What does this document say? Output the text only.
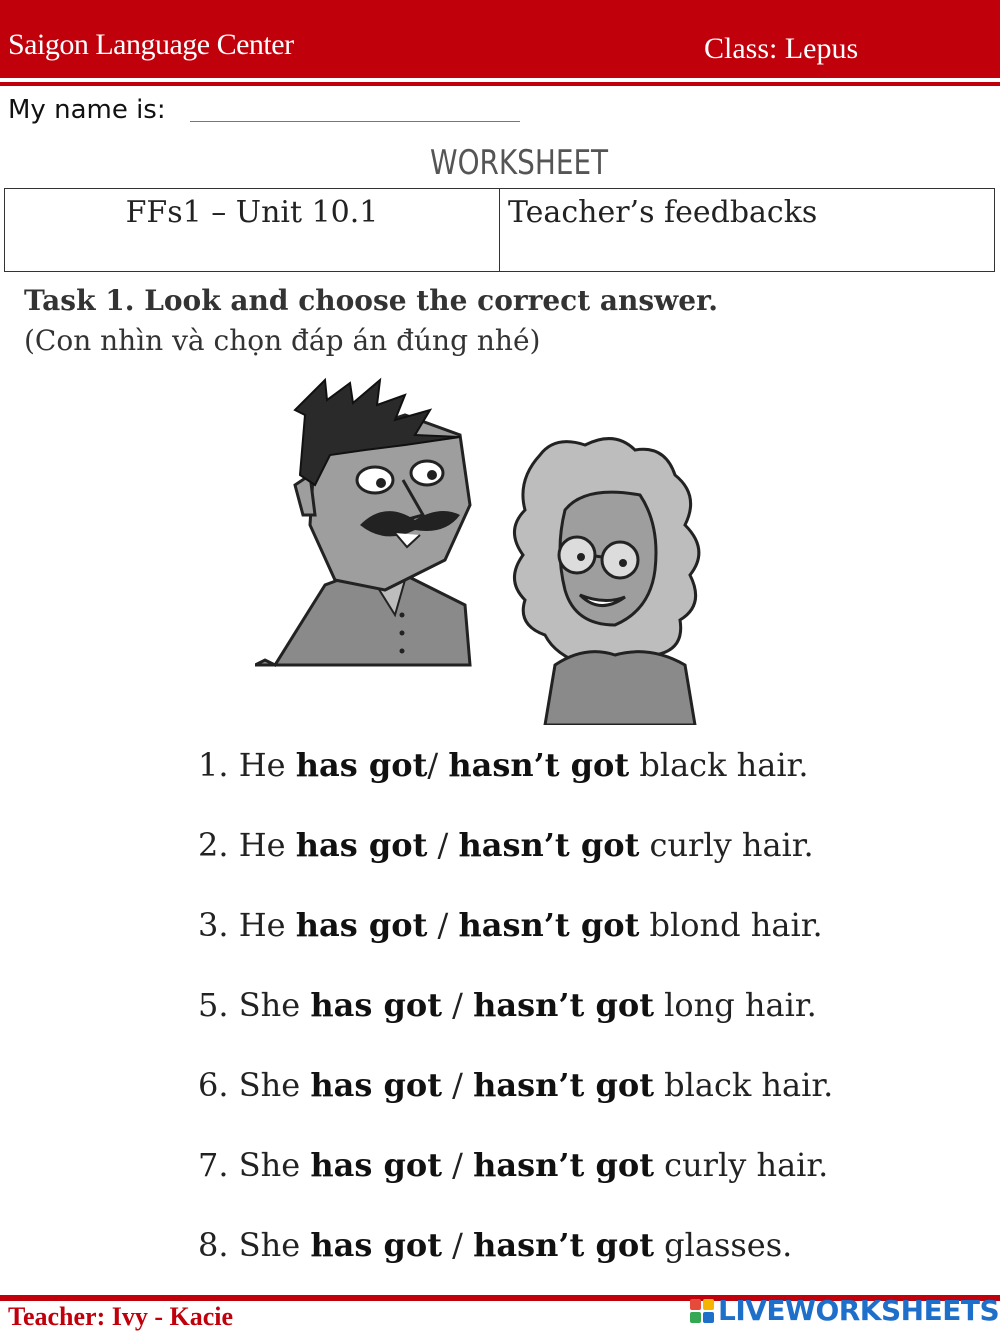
Saigon Language Center	Class: Lepus
My name is:
WORKSHEET
FFs1 – Unit 10.1	Teacher’s feedbacks
Task 1. Look and choose the correct answer.
(Con nhìn và chọn đáp án đúng nhé)
1. He has got/ hasn’t got black hair.
2. He has got / hasn’t got curly hair.
3. He has got / hasn’t got blond hair.
5. She has got / hasn’t got long hair.
6. She has got / hasn’t got black hair.
7. She has got / hasn’t got curly hair.
8. She has got / hasn’t got glasses.
Teacher: Ivy - Kacie	LIVEWORKSHEETS
